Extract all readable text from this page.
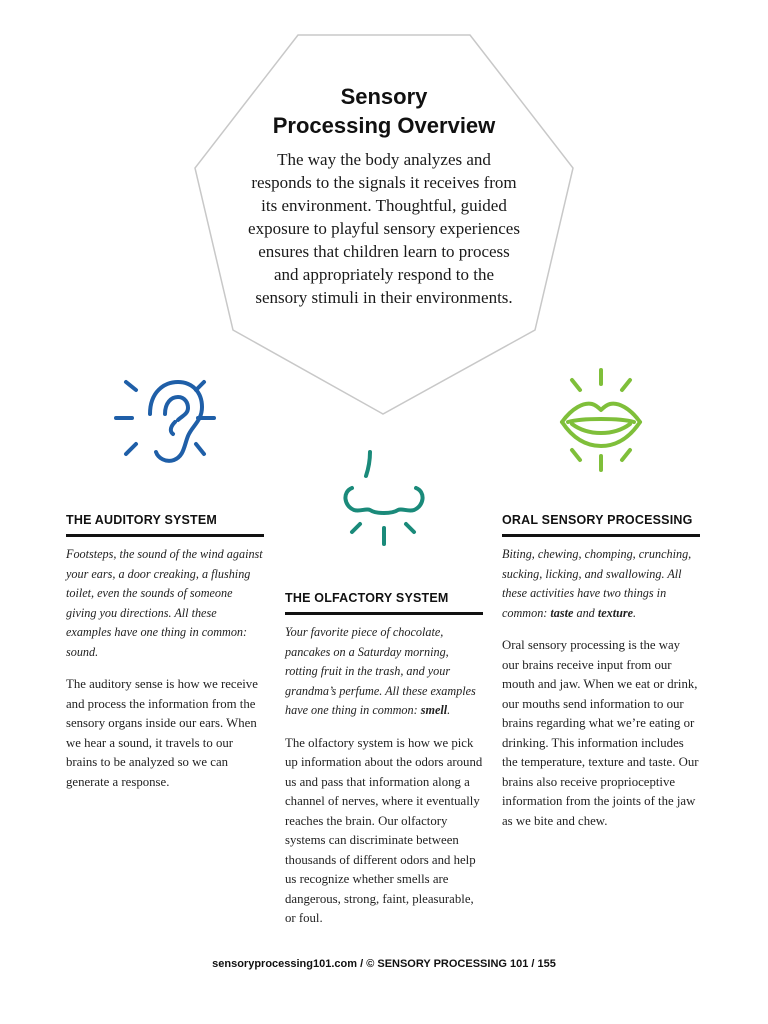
Sensory
Processing Overview
The way the body analyzes and responds to the signals it receives from its environment. Thoughtful, guided exposure to playful sensory experiences ensures that children learn to process and appropriately respond to the sensory stimuli in their environments.
THE AUDITORY SYSTEM

Footsteps, the sound of the wind against your ears, a door creaking, a flushing toilet, even the sounds of someone giving you directions. All these examples have one thing in common: sound.

The auditory sense is how we receive and process the information from the sensory organs inside our ears. When we hear a sound, it travels to our brains to be analyzed so we can generate a response.

THE OLFACTORY SYSTEM

Your favorite piece of chocolate, pancakes on a Saturday morning, rotting fruit in the trash, and your grandma’s perfume. All these examples have one thing in common: smell.

The olfactory system is how we pick up information about the odors around us and pass that information along a channel of nerves, where it eventually reaches the brain. Our olfactory systems can discriminate between thousands of different odors and help us recognize whether smells are dangerous, strong, faint, pleasurable, or foul.

ORAL SENSORY PROCESSING

Biting, chewing, chomping, crunching, sucking, licking, and swallowing. All these activities have two things in common: taste and texture.

Oral sensory processing is the way our brains receive input from our mouth and jaw. When we eat or drink, our mouths send information to our brains regarding what we’re eating or drinking. This information includes the temperature, texture and taste. Our brains also receive proprioceptive information from the joints of the jaw as we bite and chew.

sensoryprocessing101.com / © SENSORY PROCESSING 101 / 155
